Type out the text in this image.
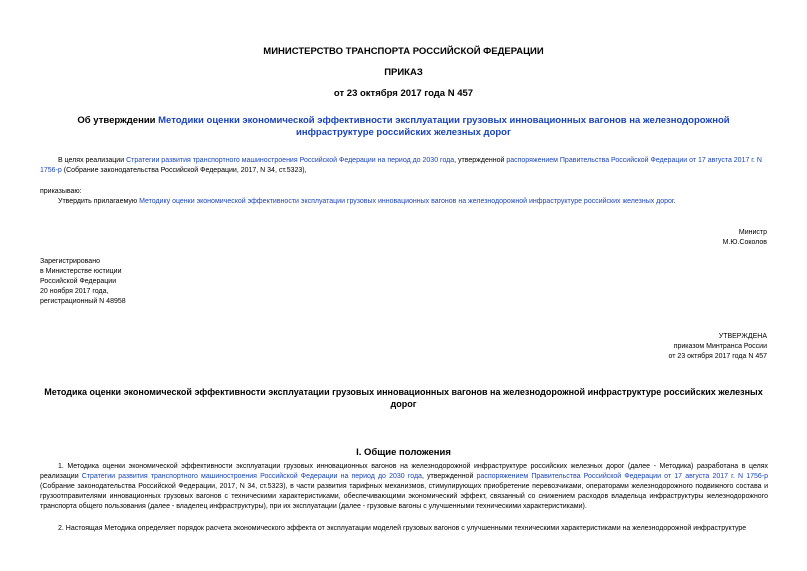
МИНИСТЕРСТВО ТРАНСПОРТА РОССИЙСКОЙ ФЕДЕРАЦИИ
ПРИКАЗ
от 23 октября 2017 года N 457
Об утверждении Методики оценки экономической эффективности эксплуатации грузовых инновационных вагонов на железнодорожной инфраструктуре российских железных дорог
В целях реализации Стратегии развития транспортного машиностроения Российской Федерации на период до 2030 года, утвержденной распоряжением Правительства Российской Федерации от 17 августа 2017 г. N 1756-р (Собрание законодательства Российской Федерации, 2017, N 34, ст.5323),
приказываю:
Утвердить прилагаемую Методику оценки экономической эффективности эксплуатации грузовых инновационных вагонов на железнодорожной инфраструктуре российских железных дорог.
Министр
М.Ю.Соколов
Зарегистрировано
в Министерстве юстиции
Российской Федерации
20 ноября 2017 года,
регистрационный N 48958
УТВЕРЖДЕНА
приказом Минтранса России
от 23 октября 2017 года N 457
Методика оценки экономической эффективности эксплуатации грузовых инновационных вагонов на железнодорожной инфраструктуре российских железных дорог
I. Общие положения
1. Методика оценки экономической эффективности эксплуатации грузовых инновационных вагонов на железнодорожной инфраструктуре российских железных дорог (далее - Методика) разработана в целях реализации Стратегии развития транспортного машиностроения Российской Федерации на период до 2030 года, утвержденной распоряжением Правительства Российской Федерации от 17 августа 2017 г. N 1756-р (Собрание законодательства Российской Федерации, 2017, N 34, ст.5323), в части развития тарифных механизмов, стимулирующих приобретение перевозчиками, операторами железнодорожного подвижного состава и грузоотправителями инновационных грузовых вагонов с техническими характеристиками, обеспечивающими экономический эффект, связанный со снижением расходов владельца инфраструктуры железнодорожного транспорта общего пользования (далее - владелец инфраструктуры), при их эксплуатации (далее - грузовые вагоны с улучшенными техническими характеристиками).
2. Настоящая Методика определяет порядок расчета экономического эффекта от эксплуатации моделей грузовых вагонов с улучшенными техническими характеристиками на железнодорожной инфраструктуре
